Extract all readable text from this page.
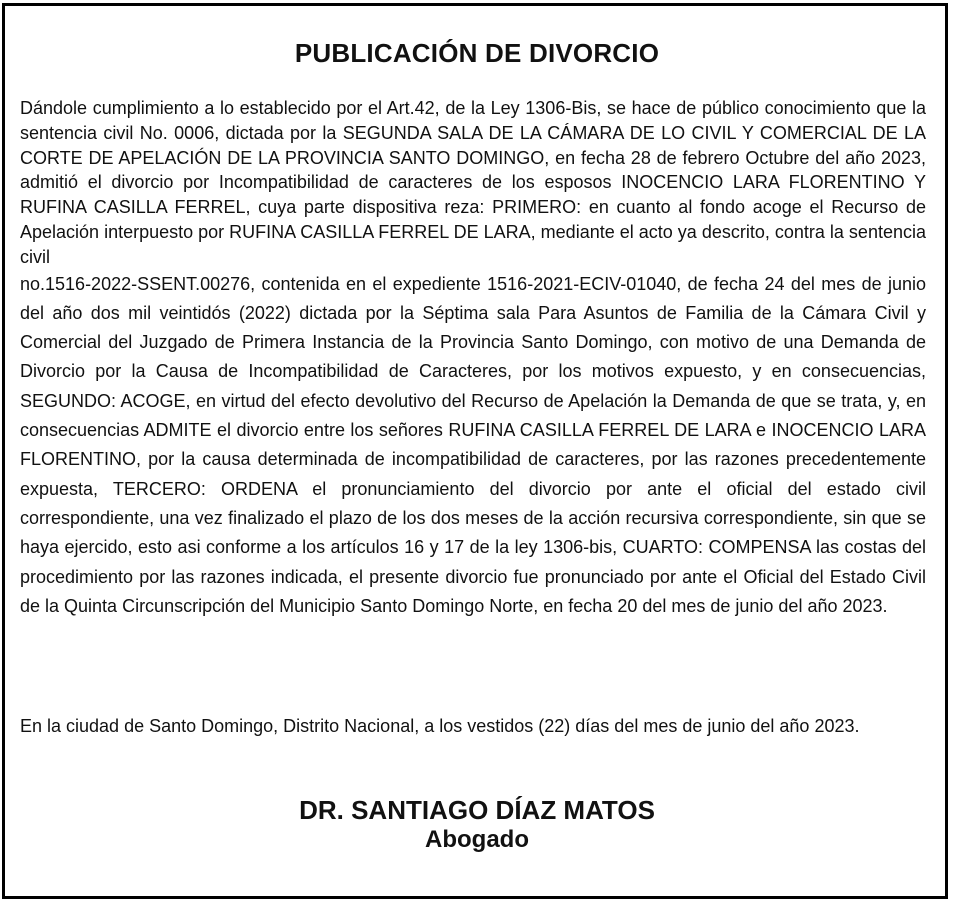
PUBLICACIÓN DE DIVORCIO

Dándole cumplimiento a lo establecido por el Art.42, de la Ley 1306-Bis, se hace de público conocimiento que la sentencia civil No. 0006, dictada por la SEGUNDA SALA DE LA CÁMARA DE LO CIVIL Y COMERCIAL DE LA CORTE DE APELACIÓN DE LA PROVINCIA SANTO DOMINGO, en fecha 28 de febrero Octubre del año 2023, admitió el divorcio por Incompatibilidad de caracteres de los esposos INOCENCIO LARA FLORENTINO Y RUFINA CASILLA FERREL, cuya parte dispositiva reza: PRIMERO: en cuanto al fondo acoge el Recurso de Apelación interpuesto por RUFINA CASILLA FERREL DE LARA, mediante el acto ya descrito, contra la sentencia civil

no.1516-2022-SSENT.00276, contenida en el expediente 1516-2021-ECIV-01040, de fecha 24 del mes de junio del año dos mil veintidós (2022) dictada por la Séptima sala Para Asuntos de Familia de la Cámara Civil y Comercial del Juzgado de Primera Instancia de la Provincia Santo Domingo, con motivo de una Demanda de Divorcio por la Causa de Incompatibilidad de Caracteres, por los motivos expuesto, y en consecuencias, SEGUNDO: ACOGE, en virtud del efecto devolutivo del Recurso de Apelación la Demanda de que se trata, y, en consecuencias ADMITE el divorcio entre los señores RUFINA CASILLA FERREL DE LARA e INOCENCIO LARA FLORENTINO, por la causa determinada de incompatibilidad de caracteres, por las razones precedentemente expuesta, TERCERO: ORDENA el pronunciamiento del divorcio por ante el oficial del estado civil correspondiente, una vez finalizado el plazo de los dos meses de la acción recursiva correspondiente, sin que se haya ejercido, esto asi conforme a los artículos 16 y 17 de la ley 1306-bis, CUARTO: COMPENSA las costas del procedimiento por las razones indicada, el presente divorcio fue pronunciado por ante el Oficial del Estado Civil de la Quinta Circunscripción del Municipio Santo Domingo Norte, en fecha 20 del mes de junio del año 2023.

En la ciudad de Santo Domingo, Distrito Nacional, a los vestidos (22) días del mes de junio del año 2023.

DR. SANTIAGO DÍAZ MATOS
Abogado
